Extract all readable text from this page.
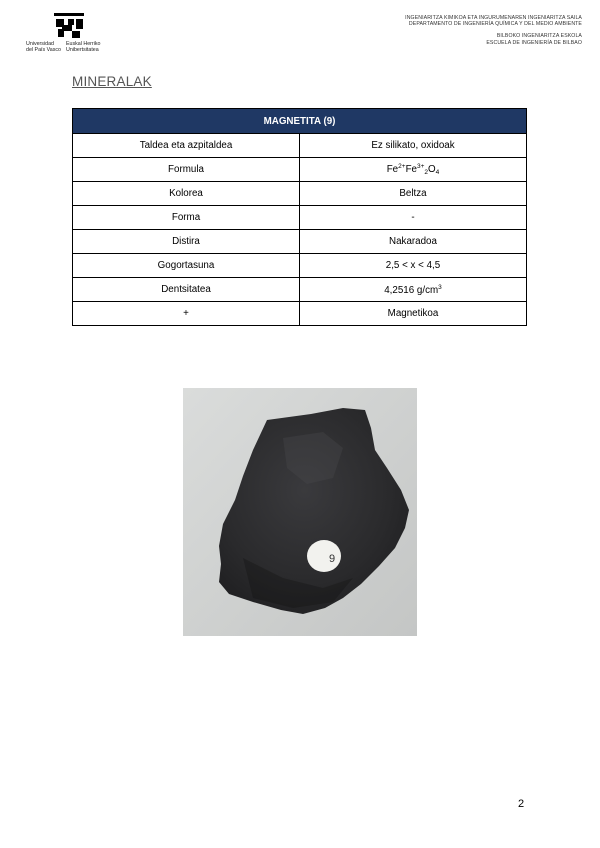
Universidad
del País Vasco
Euskal Herriko
Unibertsitatea
INGENIARITZA KIMIKOA ETA INGURUMENAREN INGENIARITZA SAILA
DEPARTAMENTO DE INGENIERÍA QUÍMICA Y DEL MEDIO AMBIENTE
BILBOKO INGENIARITZA ESKOLA
ESCUELA DE INGENIERÍA DE BILBAO
MINERALAK
MAGNETITA (9)	
Taldea eta azpitaldea	Ez silikato, oxidoak
Formula	$Fe^{2+}Fe^{3+}_2O_4$
Kolorea	Beltza
Forma	-
Distira	Nakaradoa
Gogortasuna	2,5 < x < 4,5
Dentsitatea	4,2516 $g/cm^3$
+	Magnetikoa
9
2
